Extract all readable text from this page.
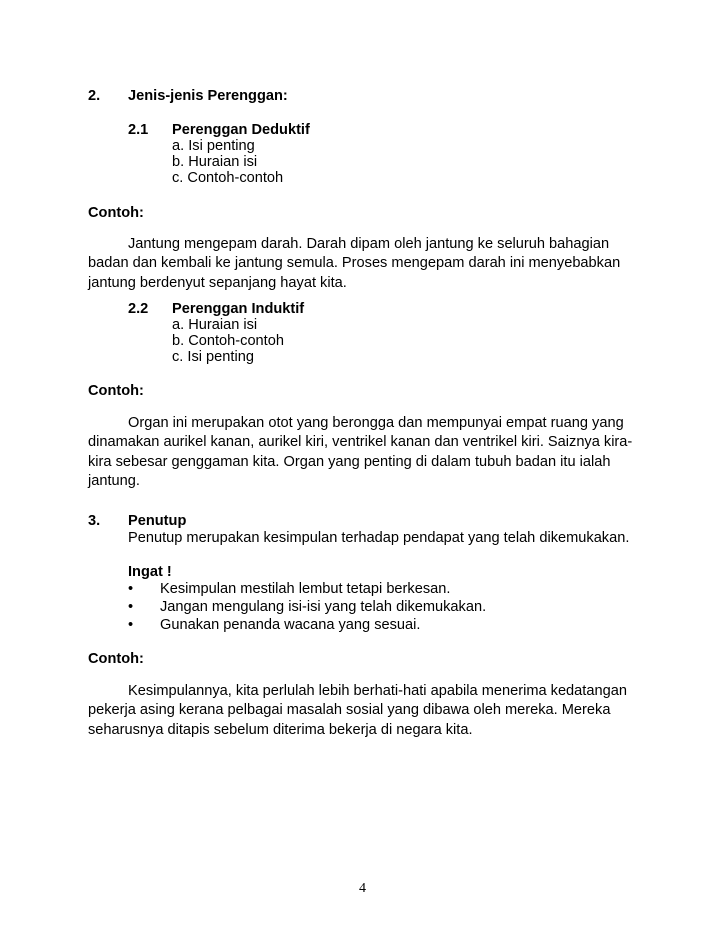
2. Jenis-jenis Perenggan:
2.1 Perenggan Deduktif
a. Isi penting
b. Huraian isi
c. Contoh-contoh
Contoh:
Jantung mengepam darah. Darah dipam oleh jantung ke seluruh bahagian
badan dan kembali ke jantung semula. Proses mengepam darah ini menyebabkan
jantung berdenyut sepanjang hayat kita.
2.2 Perenggan Induktif
a. Huraian isi
b. Contoh-contoh
c. Isi penting
Contoh:
Organ ini merupakan otot yang berongga dan mempunyai empat ruang yang
dinamakan aurikel kanan, aurikel kiri, ventrikel kanan dan ventrikel kiri. Saiznya kira-
kira sebesar genggaman kita. Organ yang penting di dalam tubuh badan itu ialah
jantung.
3. Penutup
Penutup merupakan kesimpulan terhadap pendapat yang telah dikemukakan.
Ingat !
• Kesimpulan mestilah lembut tetapi berkesan.
• Jangan mengulang isi-isi yang telah dikemukakan.
• Gunakan penanda wacana yang sesuai.
Contoh:
Kesimpulannya, kita perlulah lebih berhati-hati apabila menerima kedatangan
pekerja asing kerana pelbagai masalah sosial yang dibawa oleh mereka. Mereka
seharusnya ditapis sebelum diterima bekerja di negara kita.
4
